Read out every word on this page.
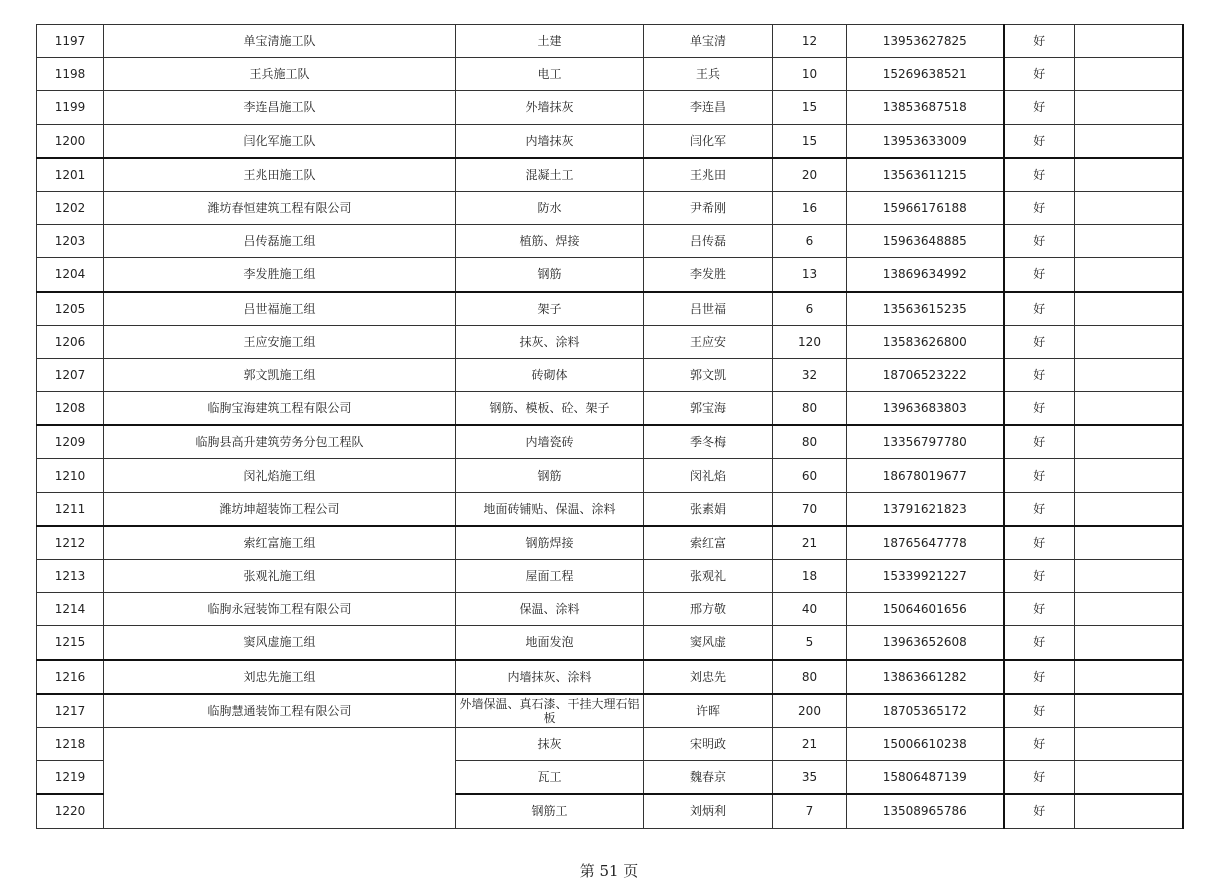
1197	单宝清施工队	土建	单宝清	12	13953627825	好	
1198	王兵施工队	电工	王兵	10	15269638521	好	
1199	李连昌施工队	外墙抹灰	李连昌	15	13853687518	好	
1200	闫化军施工队	内墙抹灰	闫化军	15	13953633009	好	
1201	王兆田施工队	混凝土工	王兆田	20	13563611215	好	
1202	潍坊春恒建筑工程有限公司	防水	尹希刚	16	15966176188	好	
1203	吕传磊施工组	植筋、焊接	吕传磊	6	15963648885	好	
1204	李发胜施工组	钢筋	李发胜	13	13869634992	好	
1205	吕世福施工组	架子	吕世福	6	13563615235	好	
1206	王应安施工组	抹灰、涂料	王应安	120	13583626800	好	
1207	郭文凯施工组	砖砌体	郭文凯	32	18706523222	好	
1208	临朐宝海建筑工程有限公司	钢筋、模板、砼、架子	郭宝海	80	13963683803	好	
1209	临朐县高升建筑劳务分包工程队	内墙瓷砖	季冬梅	80	13356797780	好	
1210	闵礼焰施工组	钢筋	闵礼焰	60	18678019677	好	
1211	潍坊坤超装饰工程公司	地面砖铺贴、保温、涂料	张素娟	70	13791621823	好	
1212	索红富施工组	钢筋焊接	索红富	21	18765647778	好	
1213	张观礼施工组	屋面工程	张观礼	18	15339921227	好	
1214	临朐永冠装饰工程有限公司	保温、涂料	邢方敬	40	15064601656	好	
1215	窦风虚施工组	地面发泡	窦风虚	5	13963652608	好	
1216	刘忠先施工组	内墙抹灰、涂料	刘忠先	80	13863661282	好	
1217	临朐慧通装饰工程有限公司	外墙保温、真石漆、干挂大理石铝板	许晖	200	18705365172	好	
1218		抹灰	宋明政	21	15006610238	好	
1219		瓦工	魏春京	35	15806487139	好	
1220		钢筋工	刘炳利	7	13508965786	好	
第 51 页
